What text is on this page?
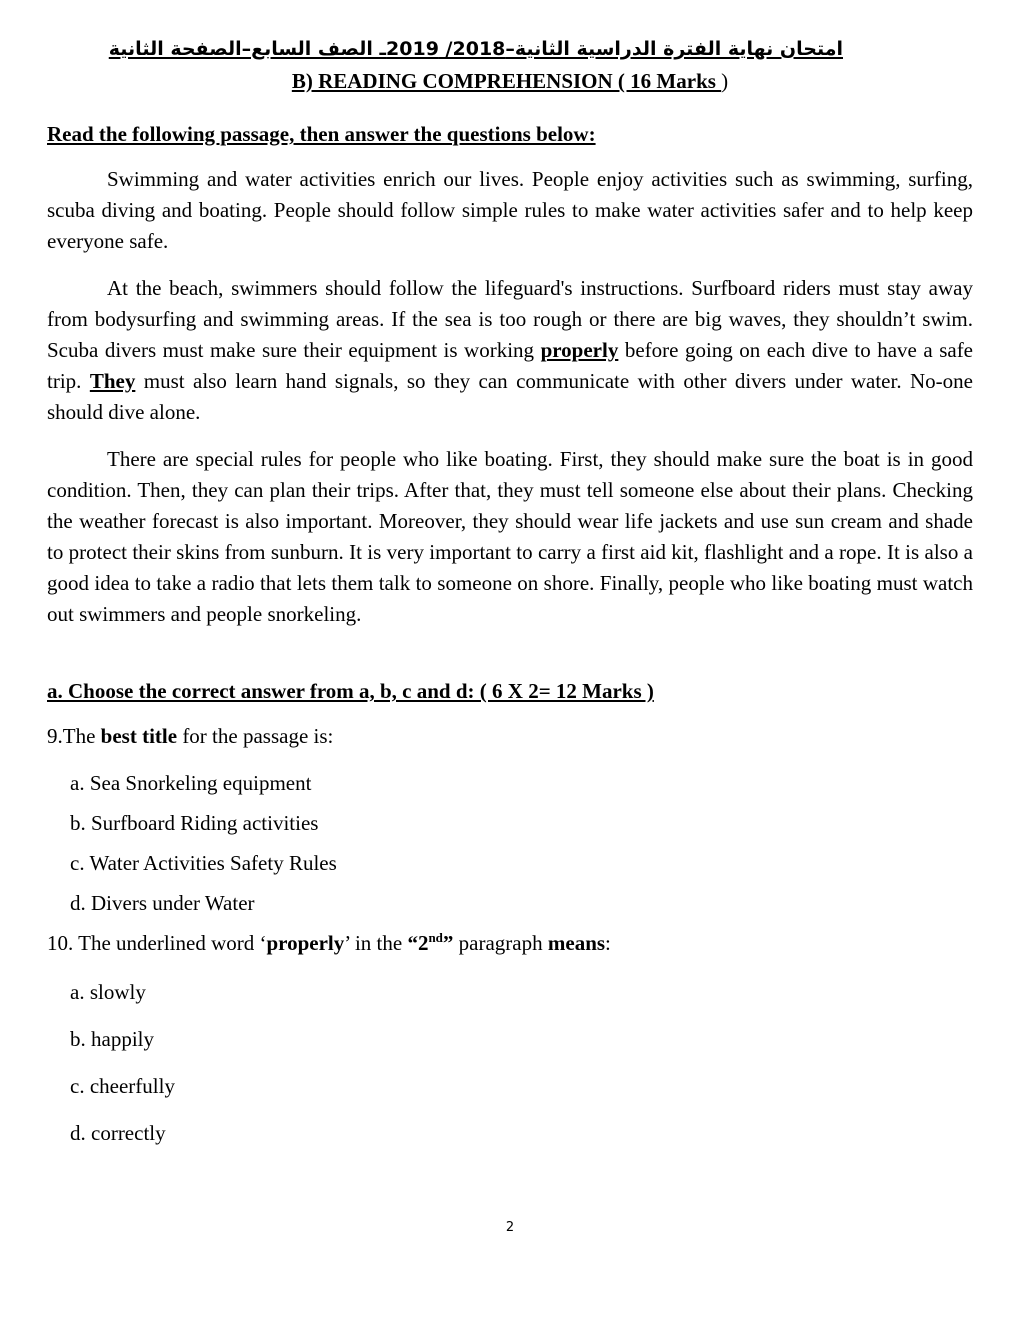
امتحان نهاية الفترة الدراسية الثانية–2018/ 2019ـ الصف السابع–الصفحة الثانية
B) READING COMPREHENSION ( 16 Marks )
Read the following passage, then answer the questions below:
Swimming and water activities enrich our lives. People enjoy activities such as swimming, surfing, scuba diving and boating. People should follow simple rules to make water activities safer and to help keep everyone safe.
At the beach, swimmers should follow the lifeguard's instructions. Surfboard riders must stay away from bodysurfing and swimming areas. If the sea is too rough or there are big waves, they shouldn’t swim. Scuba divers must make sure their equipment is working properly before going on each dive to have a safe trip. They must also learn hand signals, so they can communicate with other divers under water. No-one should dive alone.
There are special rules for people who like boating. First, they should make sure the boat is in good condition. Then, they can plan their trips. After that, they must tell someone else about their plans. Checking the weather forecast is also important. Moreover, they should wear life jackets and use sun cream and shade to protect their skins from sunburn. It is very important to carry a first aid kit, flashlight and a rope. It is also a good idea to take a radio that lets them talk to someone on shore. Finally, people who like boating must watch out swimmers and people snorkeling.
a. Choose the correct answer from a, b, c and d: ( 6 X 2= 12 Marks )
9.The best title for the passage is:
a. Sea Snorkeling equipment
b. Surfboard Riding activities
c. Water Activities Safety Rules
d. Divers under Water
10. The underlined word ‘properly’ in the “2nd” paragraph means:
a. slowly
b. happily
c. cheerfully
d. correctly
2
